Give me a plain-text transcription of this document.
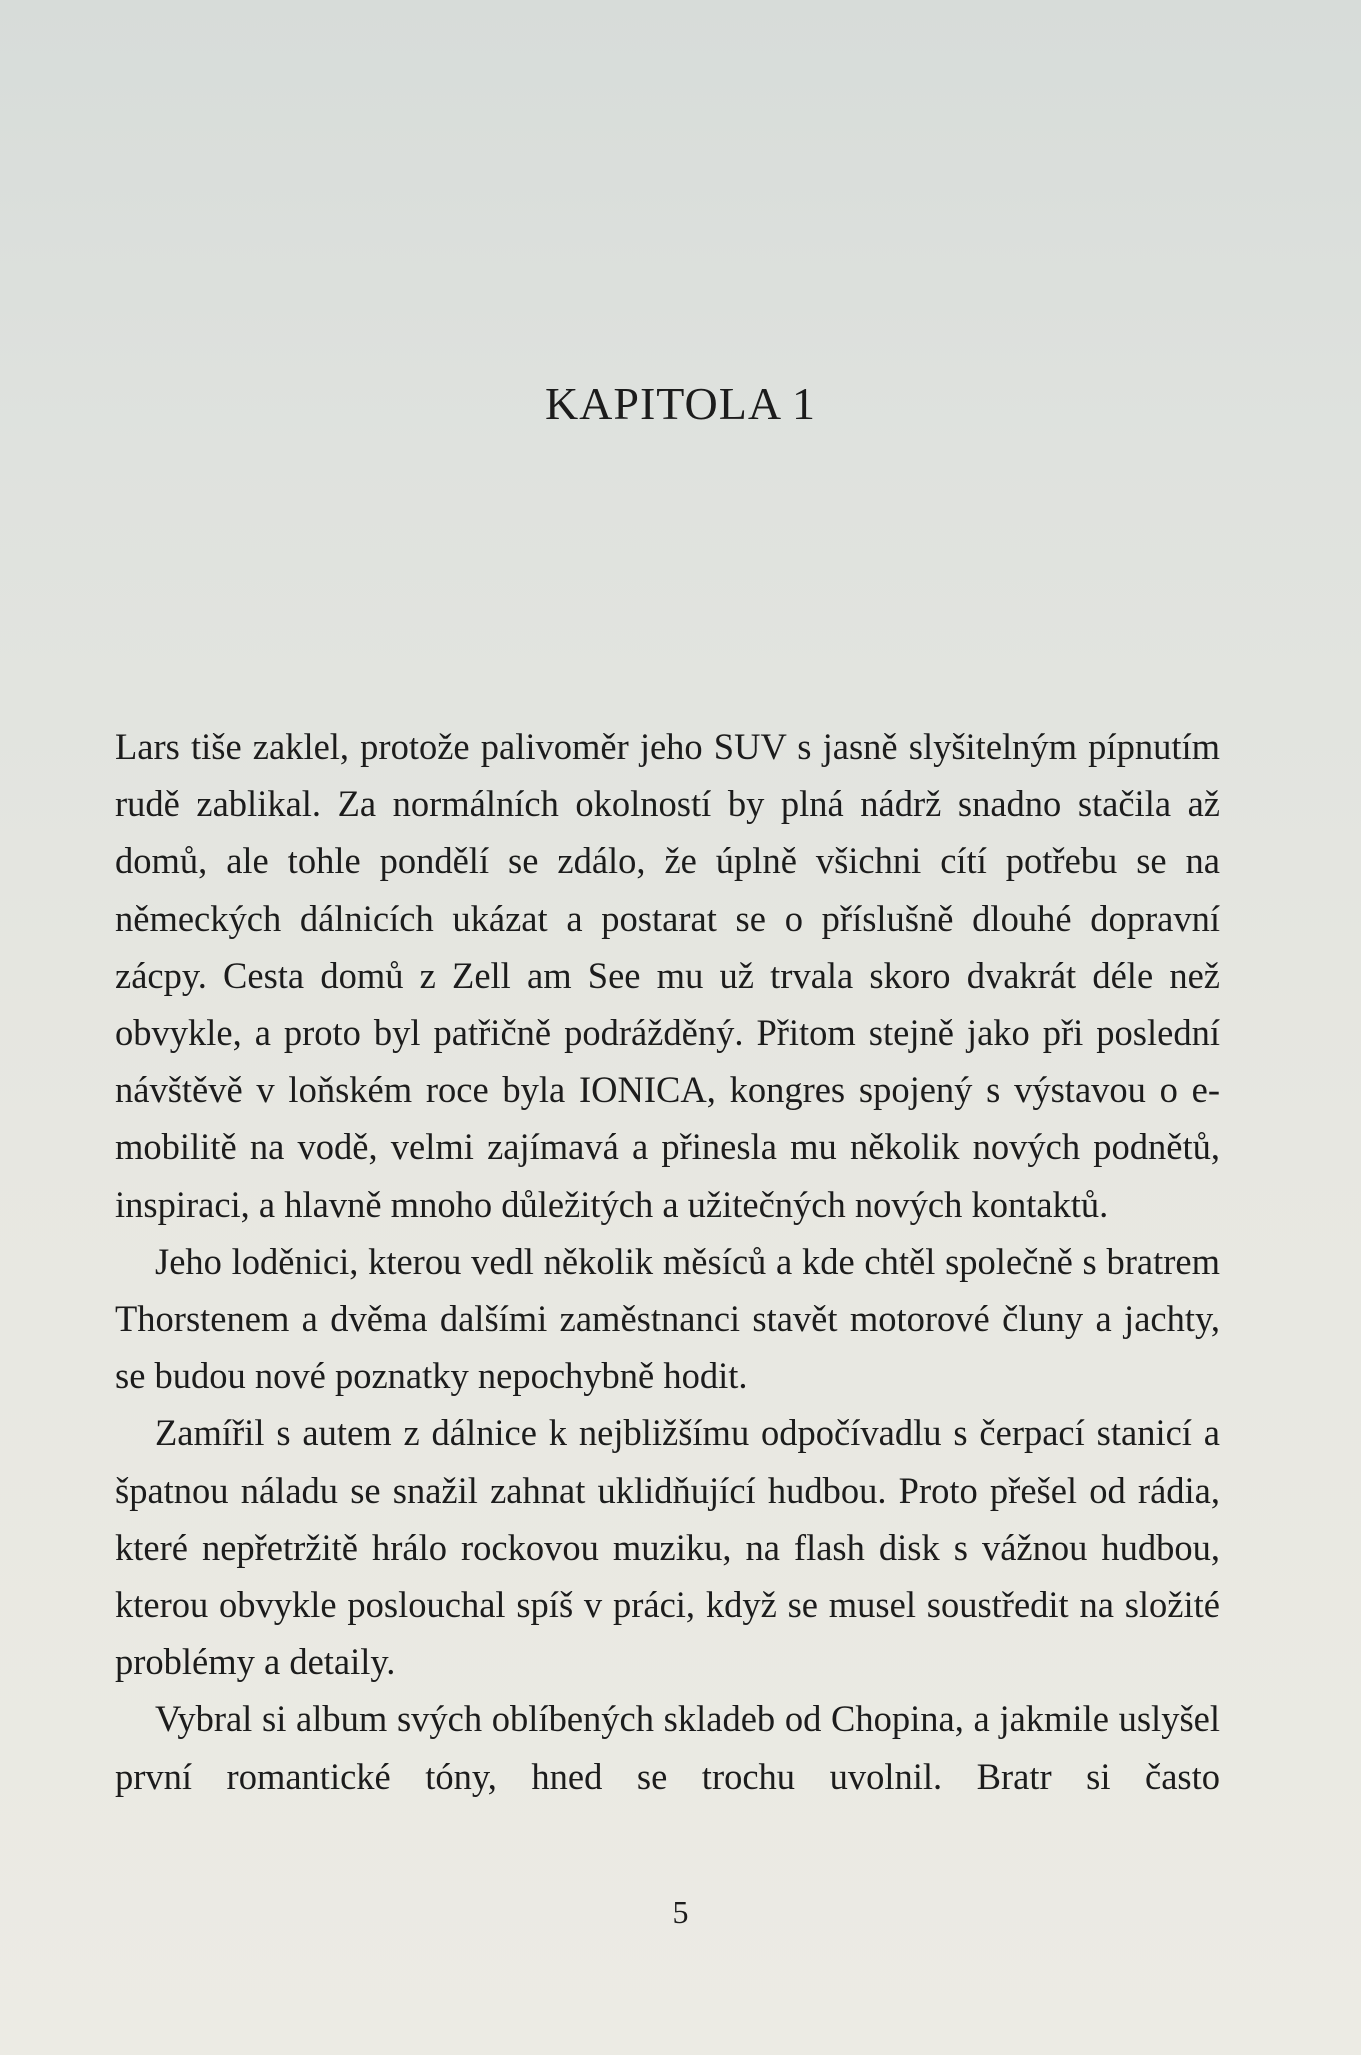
KAPITOLA 1

Lars tiše zaklel, protože palivoměr jeho SUV s jasně slyšitelným pípnutím rudě zablikal. Za normálních okolností by plná nádrž snadno stačila až domů, ale tohle pondělí se zdálo, že úplně všichni cítí potřebu se na německých dálnicích ukázat a postarat se o příslušně dlouhé dopravní zácpy. Cesta domů z Zell am See mu už trvala skoro dvakrát déle než obvykle, a proto byl patřičně podrážděný. Přitom stejně jako při poslední návštěvě v loňském roce byla IONICA, kongres spojený s výstavou o e-mobilitě na vodě, velmi zajímavá a přinesla mu několik nových podnětů, inspiraci, a hlavně mnoho důležitých a užitečných nových kontaktů.

Jeho loděnici, kterou vedl několik měsíců a kde chtěl společně s bratrem Thorstenem a dvěma dalšími zaměstnanci stavět motorové čluny a jachty, se budou nové poznatky nepochybně hodit.

Zamířil s autem z dálnice k nejbližšímu odpočívadlu s čerpací stanicí a špatnou náladu se snažil zahnat uklidňující hudbou. Proto přešel od rádia, které nepřetržitě hrálo rockovou muziku, na flash disk s vážnou hudbou, kterou obvykle poslouchal spíš v práci, když se musel soustředit na složité problémy a detaily.

Vybral si album svých oblíbených skladeb od Chopina, a jakmile uslyšel první romantické tóny, hned se trochu uvolnil. Bratr si často

5
